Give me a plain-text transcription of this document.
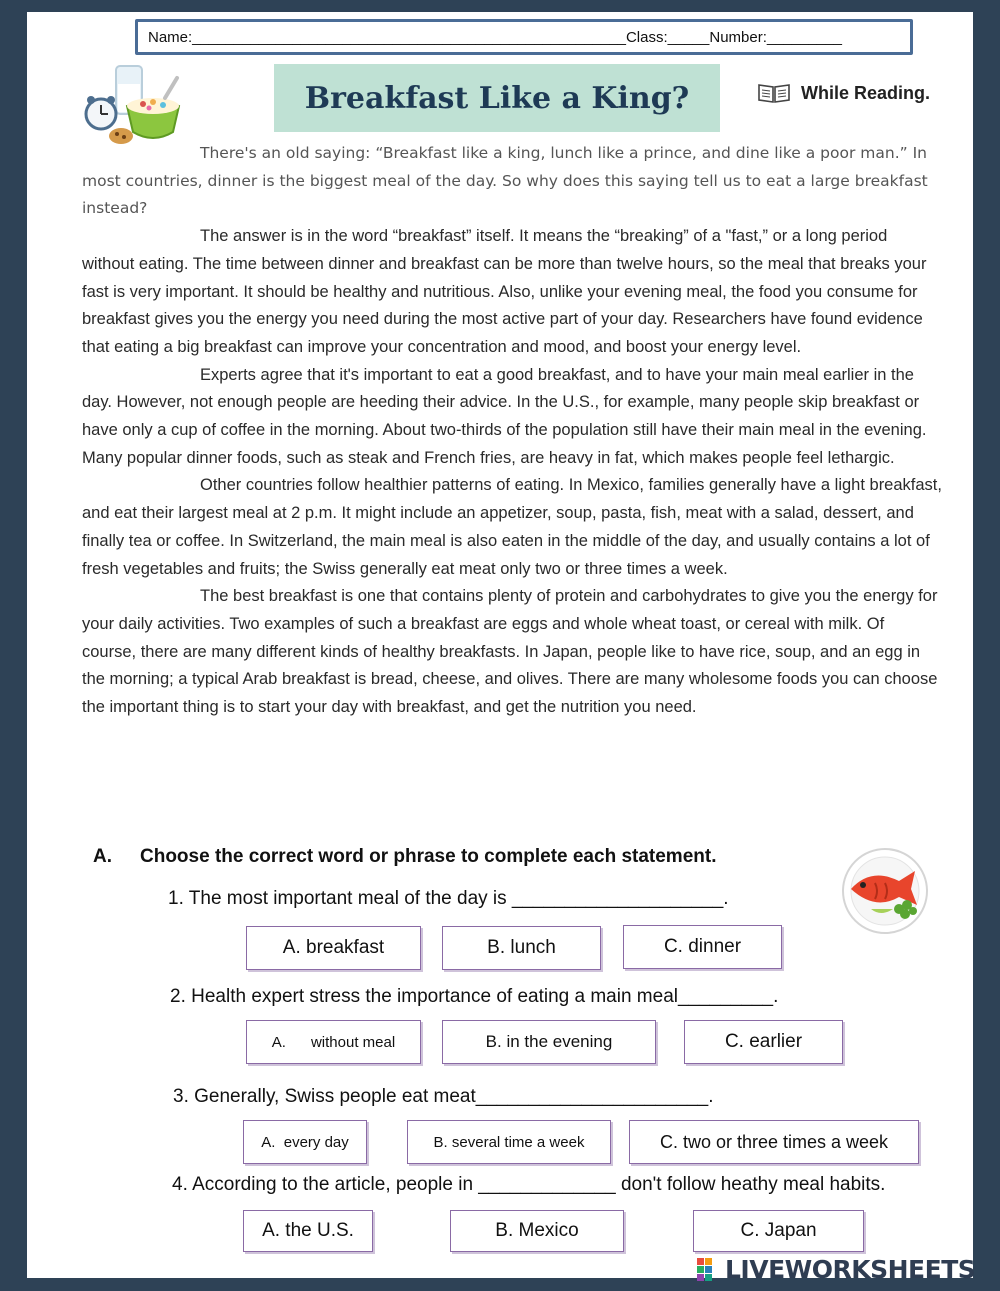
Name:____________________________________________________Class:_____Number:_________
Breakfast Like a King?	While Reading.

There's an old saying: “Breakfast like a king, lunch like a prince, and dine like a poor man.” In most countries, dinner is the biggest meal of the day. So why does this saying tell us to eat a large breakfast instead?

The answer is in the word “breakfast” itself. It means the “breaking” of a "fast,” or a long period without eating. The time between dinner and breakfast can be more than twelve hours, so the meal that breaks your fast is very important. It should be healthy and nutritious. Also, unlike your evening meal, the food you consume for breakfast gives you the energy you need during the most active part of your day. Researchers have found evidence that eating a big breakfast can improve your concentration and mood, and boost your energy level.

Experts agree that it's important to eat a good breakfast, and to have your main meal earlier in the day. However, not enough people are heeding their advice. In the U.S., for example, many people skip breakfast or have only a cup of coffee in the morning. About two-thirds of the population still have their main meal in the evening. Many popular dinner foods, such as steak and French fries, are heavy in fat, which makes people feel lethargic.

Other countries follow healthier patterns of eating. In Mexico, families generally have a light breakfast, and eat their largest meal at 2 p.m. It might include an appetizer, soup, pasta, fish, meat with a salad, dessert, and finally tea or coffee. In Switzerland, the main meal is also eaten in the middle of the day, and usually contains a lot of fresh vegetables and fruits; the Swiss generally eat meat only two or three times a week.

The best breakfast is one that contains plenty of protein and carbohydrates to give you the energy for your daily activities. Two examples of such a breakfast are eggs and whole wheat toast, or cereal with milk. Of course, there are many different kinds of healthy breakfasts. In Japan, people like to have rice, soup, and an egg in the morning; a typical Arab breakfast is bread, cheese, and olives. There are many wholesome foods you can choose the important thing is to start your day with breakfast, and get the nutrition you need.

A. Choose the correct word or phrase to complete each statement.
1. The most important meal of the day is ____________________.
A. breakfast	B. lunch	C. dinner
2. Health expert stress the importance of eating a main meal_________.
A.      without meal	B. in the evening	C. earlier
3. Generally, Swiss people eat meat______________________.
A.  every day	B. several time a week	C. two or three times a week
4. According to the article, people in _____________ don't follow heathy meal habits.
A. the U.S.	B. Mexico	C. Japan
LIVEWORKSHEETS
